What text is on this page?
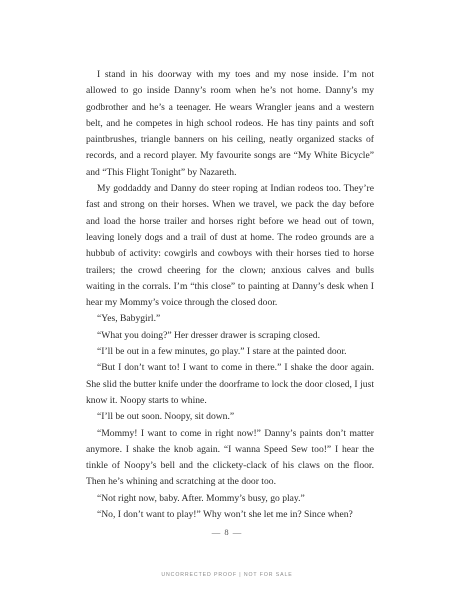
I stand in his doorway with my toes and my nose inside. I’m not allowed to go inside Danny’s room when he’s not home. Danny’s my godbrother and he’s a teenager. He wears Wrangler jeans and a western belt, and he competes in high school rodeos. He has tiny paints and soft paintbrushes, triangle banners on his ceiling, neatly organized stacks of records, and a record player. My favourite songs are “My White Bicycle” and “This Flight Tonight” by Nazareth.

My goddaddy and Danny do steer roping at Indian rodeos too. They’re fast and strong on their horses. When we travel, we pack the day before and load the horse trailer and horses right before we head out of town, leaving lonely dogs and a trail of dust at home. The rodeo grounds are a hubbub of activity: cowgirls and cowboys with their horses tied to horse trailers; the crowd cheering for the clown; anxious calves and bulls waiting in the corrals. I’m “this close” to painting at Danny’s desk when I hear my Mommy’s voice through the closed door.

“Yes, Babygirl.”

“What you doing?” Her dresser drawer is scraping closed.

“I’ll be out in a few minutes, go play.” I stare at the painted door.

“But I don’t want to! I want to come in there.” I shake the door again. She slid the butter knife under the doorframe to lock the door closed, I just know it. Noopy starts to whine.

“I’ll be out soon. Noopy, sit down.”

“Mommy! I want to come in right now!” Danny’s paints don’t matter anymore. I shake the knob again. “I wanna Speed Sew too!” I hear the tinkle of Noopy’s bell and the clickety-clack of his claws on the floor. Then he’s whining and scratching at the door too.

“Not right now, baby. After. Mommy’s busy, go play.”

“No, I don’t want to play!” Why won’t she let me in? Since when?

— 8 —
UNCORRECTED PROOF | NOT FOR SALE
